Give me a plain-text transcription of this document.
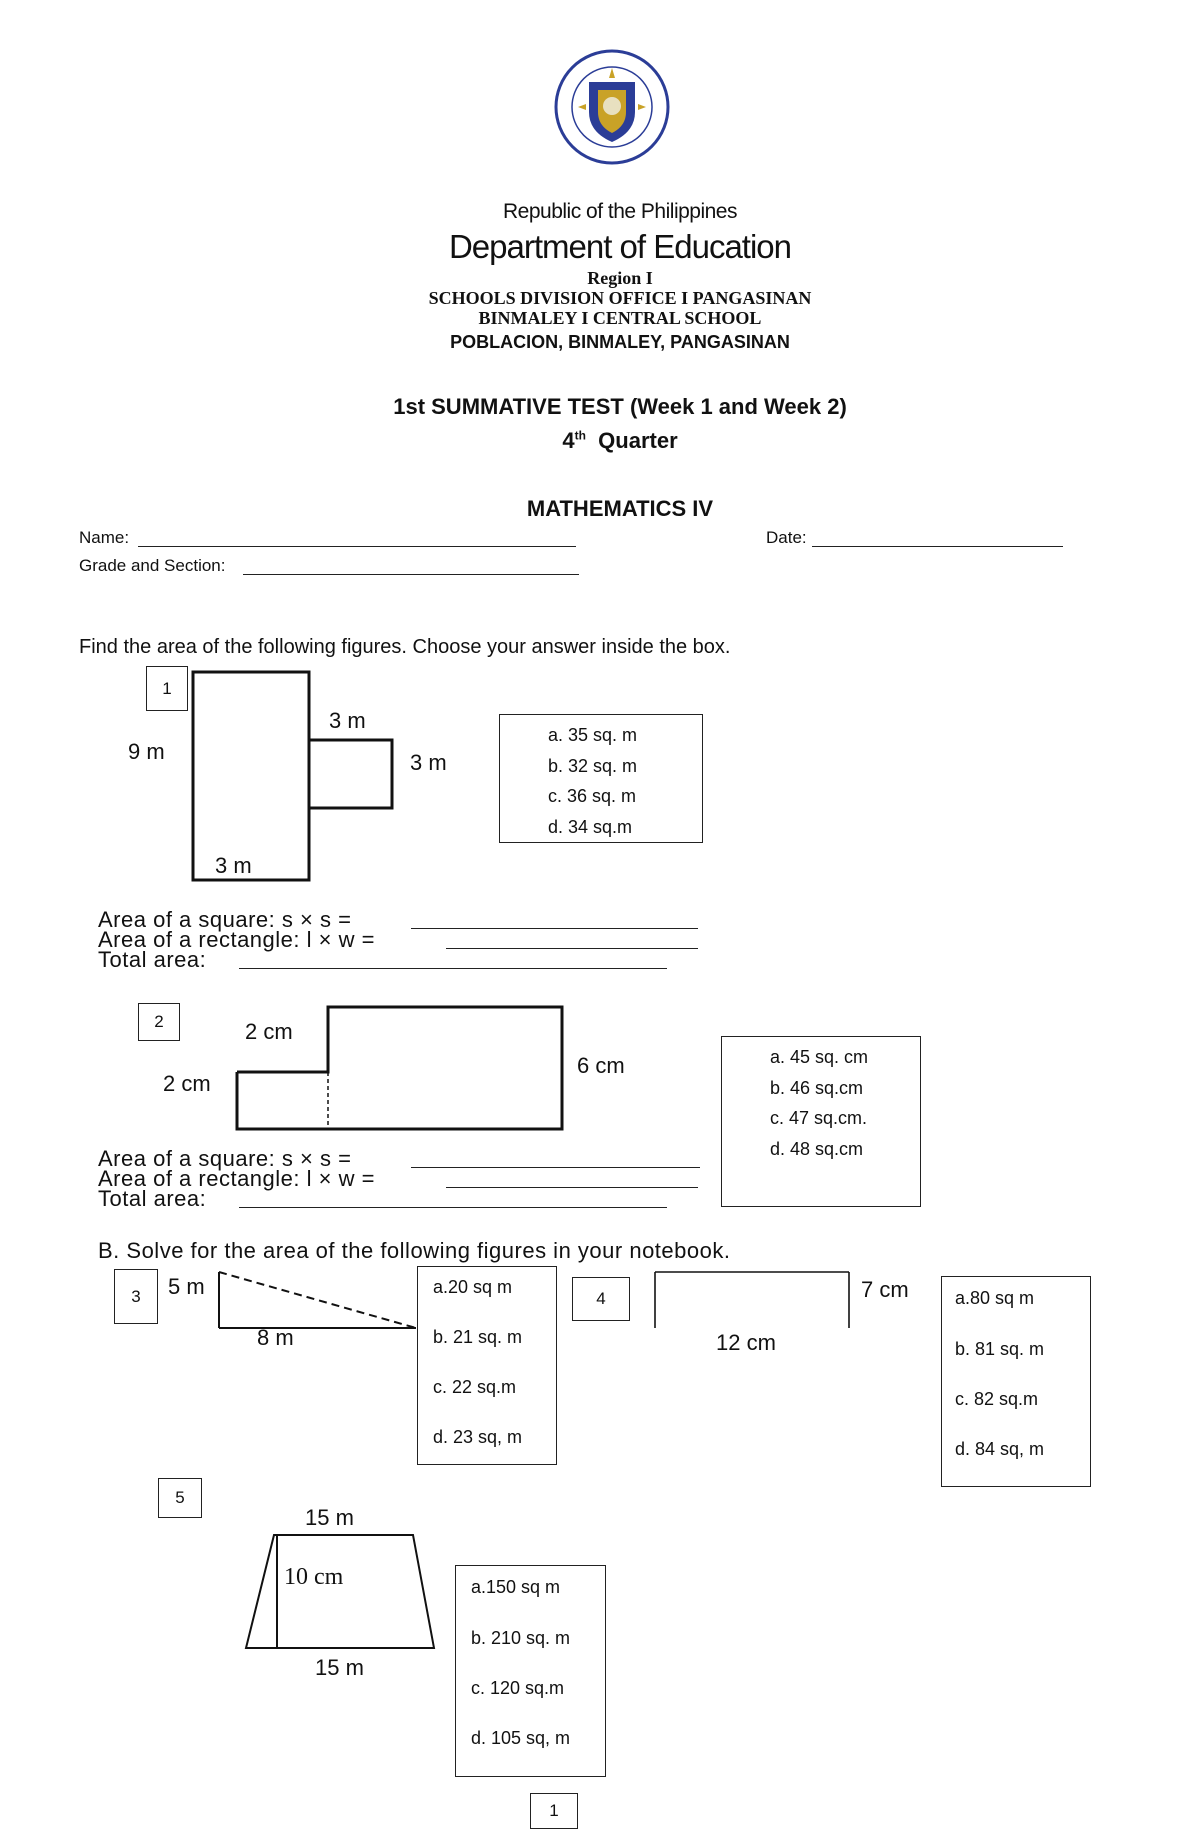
Republic of the Philippines
Department of Education
Region I
SCHOOLS DIVISION OFFICE I PANGASINAN
BINMALEY I CENTRAL SCHOOL
POBLACION, BINMALEY, PANGASINAN
1st SUMMATIVE TEST (Week 1 and Week 2)
4th Quarter
MATHEMATICS IV
Name:	Date:
Grade and Section:
Find the area of the following figures. Choose your answer inside the box.
1
9 m
3 m
3 m
3 m
a. 35 sq. m
b. 32 sq. m
c. 36 sq. m
d. 34 sq.m
Area of a square: s × s =
Area of a rectangle: l × w =
Total area:
2	2 cm
2 cm
6 cm	a. 45 sq. cm
b. 46 sq.cm
c. 47 sq.cm.
d. 48 sq.cm
Area of a square: s × s =
Area of a rectangle: l × w =
Total area:
B. Solve for the area of the following figures in your notebook.
3	5 m
8 m
a.20 sq m
b. 21 sq. m
c. 22 sq.m
d. 23 sq, m
4	7 cm
12 cm
a.80 sq m
b. 81 sq. m
c. 82 sq.m
d. 84 sq, m
5
15 m
10 cm
15 m
a.150 sq m
b. 210 sq. m
c. 120 sq.m
d. 105 sq, m
1
